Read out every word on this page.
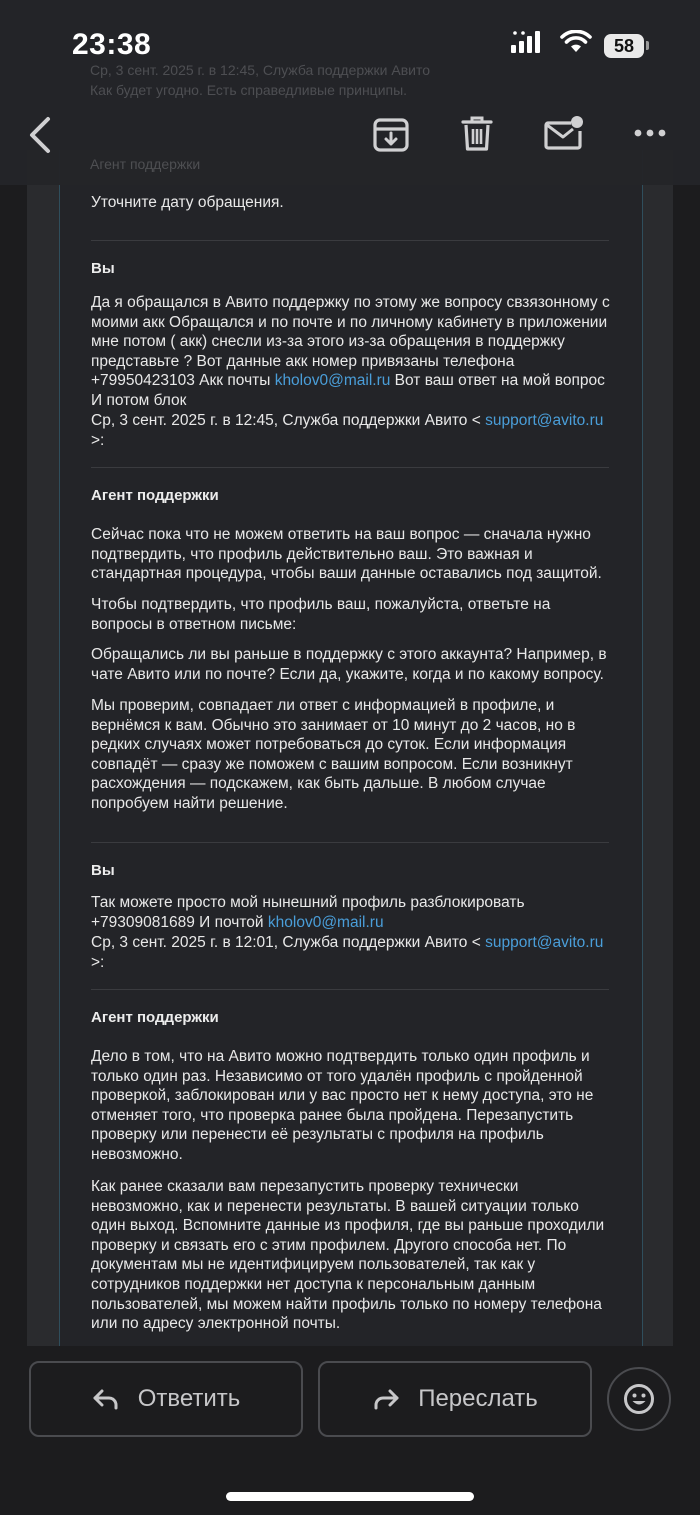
Уточните дату обращения.
Вы
Да я обращался в Авито поддержку по этому же вопросу свзязонному с моими акк Обращался и по почте и по личному кабинету в приложении мне потом ( акк) снесли из-за этого из-за обращения в поддержку представьте ? Вот данные акк номер привязаны телефона +79950423103 Акк почты kholov0@mail.ru Вот ваш ответ на мой вопрос И потом блок
Ср, 3 сент. 2025 г. в 12:45, Служба поддержки Авито < support@avito.ru
>:
Агент поддержки
Сейчас пока что не можем ответить на ваш вопрос — сначала нужно подтвердить, что профиль действительно ваш. Это важная и стандартная процедура, чтобы ваши данные оставались под защитой.
Чтобы подтвердить, что профиль ваш, пожалуйста, ответьте на вопросы в ответном письме:
Обращались ли вы раньше в поддержку с этого аккаунта? Например, в чате Авито или по почте? Если да, укажите, когда и по какому вопросу.
Мы проверим, совпадает ли ответ с информацией в профиле, и вернёмся к вам. Обычно это занимает от 10 минут до 2 часов, но в редких случаях может потребоваться до суток. Если информация совпадёт — сразу же поможем с вашим вопросом. Если возникнут расхождения — подскажем, как быть дальше. В любом случае попробуем найти решение.
Вы
Так можете просто мой нынешний профиль разблокировать +79309081689 И почтой kholov0@mail.ru
Ср, 3 сент. 2025 г. в 12:01, Служба поддержки Авито < support@avito.ru
>:
Агент поддержки
Дело в том, что на Авито можно подтвердить только один профиль и только один раз. Независимо от того удалён профиль с пройденной проверкой, заблокирован или у вас просто нет к нему доступа, это не отменяет того, что проверка ранее была пройдена. Перезапустить проверку или перенести её результаты с профиля на профиль невозможно.
Как ранее сказали вам перезапустить проверку технически невозможно, как и перенести результаты. В вашей ситуации только один выход. Вспомните данные из профиля, где вы раньше проходили проверку и связать его с этим профилем. Другого способа нет. По документам мы не идентифицируем пользователей, так как у сотрудников поддержки нет доступа к персональным данным пользователей, мы можем найти профиль только по номеру телефона или по адресу электронной почты.
Ср, 3 сент. 2025 г. в 12:45, Служба поддержки Авито
Как будет угодно. Есть справедливые принципы.
Агент поддержки
23:38	58
Ответить	Переслать
